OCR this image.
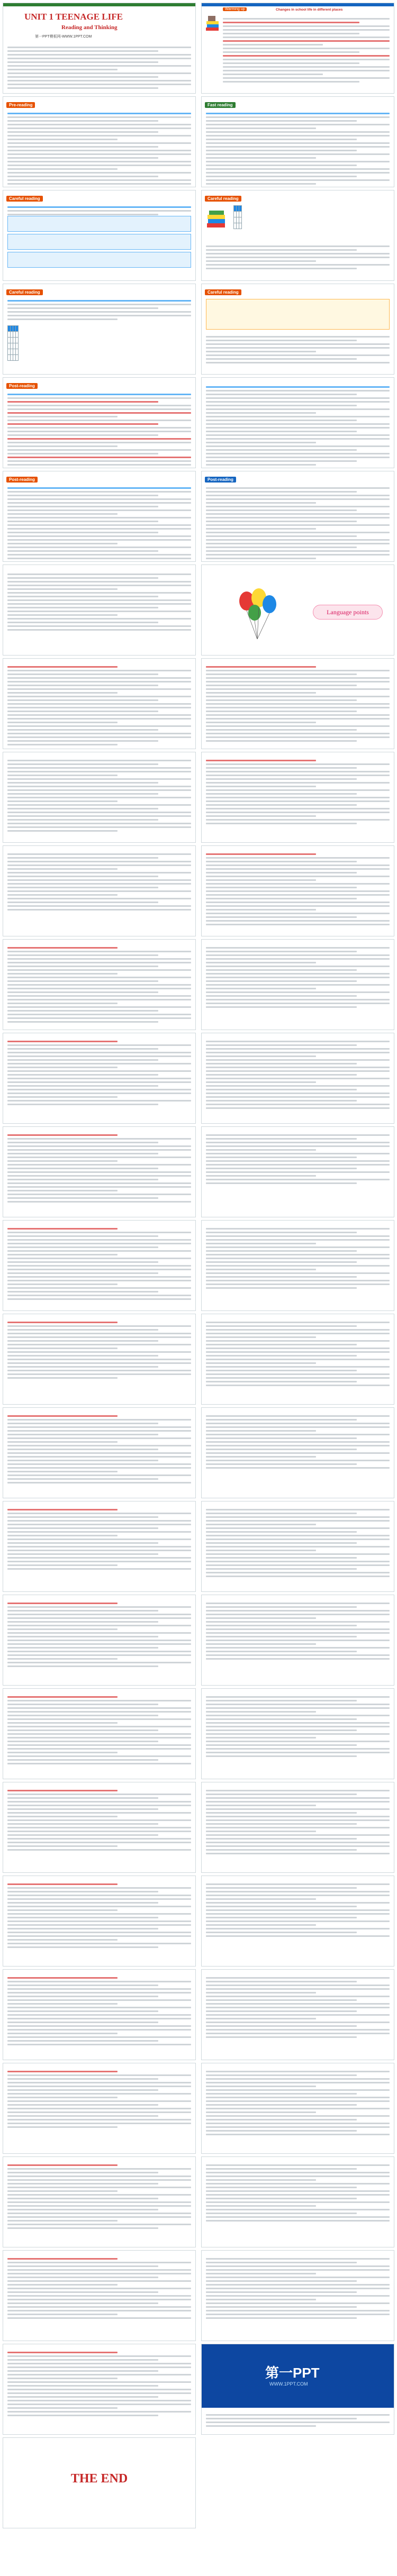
UNIT 1 TEENAGE LIFE
Reading and Thinking
第一PPT模板网-WWW.1PPT.COM
Warming up	Changes in school life in different places
Pre-reading	Fast reading
Careful reading	Careful reading

Careful reading

				Careful reading
Post-reading
Post-reading	Post-reading
Language points
第一PPT
WWW.1PPT.COM
THE END
